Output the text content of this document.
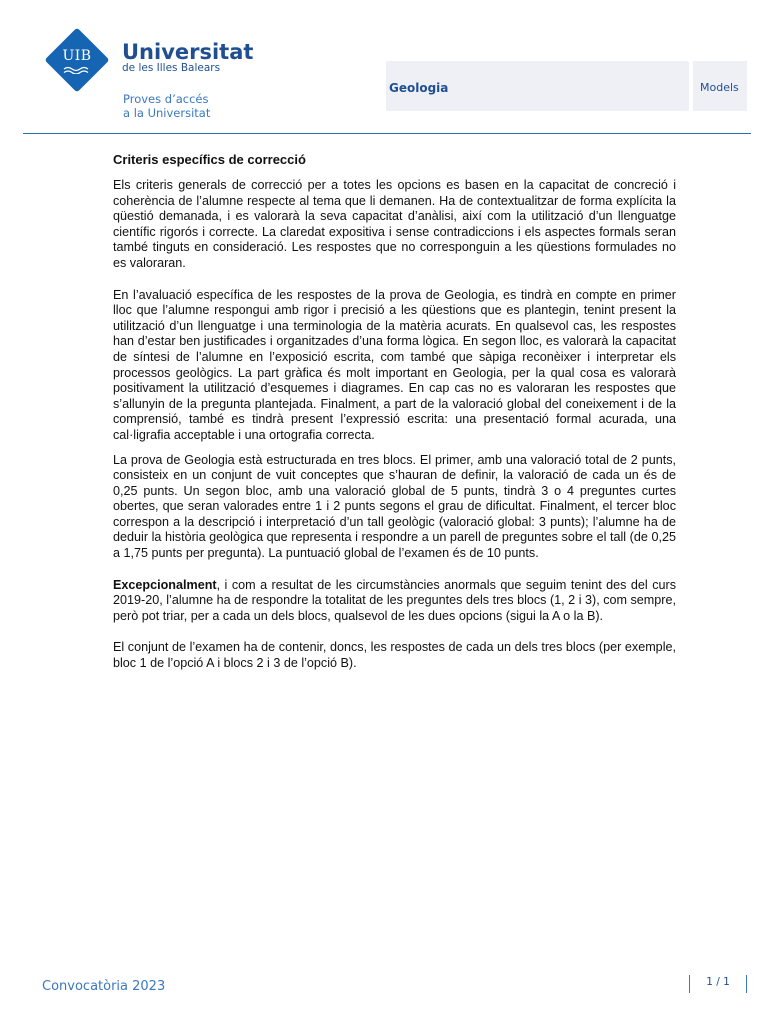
UIB	Universitat
de les Illes Balears
Proves d’accés
a la Universitat
Geologia	Models
Criteris específics de correcció

Els criteris generals de correcció per a totes les opcions es basen en la capacitat de concreció i coherència de l’alumne respecte al tema que li demanen. Ha de contextualitzar de forma explícita la qüestió demanada, i es valorarà la seva capacitat d’anàlisi, així com la utilització d’un llenguatge científic rigorós i correcte. La claredat expositiva i sense contradiccions i els aspectes formals seran també tinguts en consideració. Les respostes que no corresponguin a les qüestions formulades no es valoraran.

En l’avaluació específica de les respostes de la prova de Geologia, es tindrà en compte en primer lloc que l’alumne respongui amb rigor i precisió a les qüestions que es plantegin, tenint present la utilització d’un llenguatge i una terminologia de la matèria acurats. En qualsevol cas, les respostes han d’estar ben justificades i organitzades d’una forma lògica. En segon lloc, es valorarà la capacitat de síntesi de l’alumne en l’exposició escrita, com també que sàpiga reconèixer i interpretar els processos geològics. La part gràfica és molt important en Geologia, per la qual cosa es valorarà positivament la utilització d’esquemes i diagrames. En cap cas no es valoraran les respostes que s’allunyin de la pregunta plantejada. Finalment, a part de la valoració global del coneixement i de la comprensió, també es tindrà present l’expressió escrita: una presentació formal acurada, una cal·ligrafia acceptable i una ortografia correcta.

La prova de Geologia està estructurada en tres blocs. El primer, amb una valoració total de 2 punts, consisteix en un conjunt de vuit conceptes que s’hauran de definir, la valoració de cada un és de 0,25 punts. Un segon bloc, amb una valoració global de 5 punts, tindrà 3 o 4 preguntes curtes obertes, que seran valorades entre 1 i 2 punts segons el grau de dificultat. Finalment, el tercer bloc correspon a la descripció i interpretació d’un tall geològic (valoració global: 3 punts); l’alumne ha de deduir la història geològica que representa i respondre a un parell de preguntes sobre el tall (de 0,25 a 1,75 punts per pregunta). La puntuació global de l’examen és de 10 punts.

Excepcionalment, i com a resultat de les circumstàncies anormals que seguim tenint des del curs 2019-20, l’alumne ha de respondre la totalitat de les preguntes dels tres blocs (1, 2 i 3), com sempre, però pot triar, per a cada un dels blocs, qualsevol de les dues opcions (sigui la A o la B).

El conjunt de l’examen ha de contenir, doncs, les respostes de cada un dels tres blocs (per exemple, bloc 1 de l’opció A i blocs 2 i 3 de l’opció B).

Convocatòria 2023	1 / 1
